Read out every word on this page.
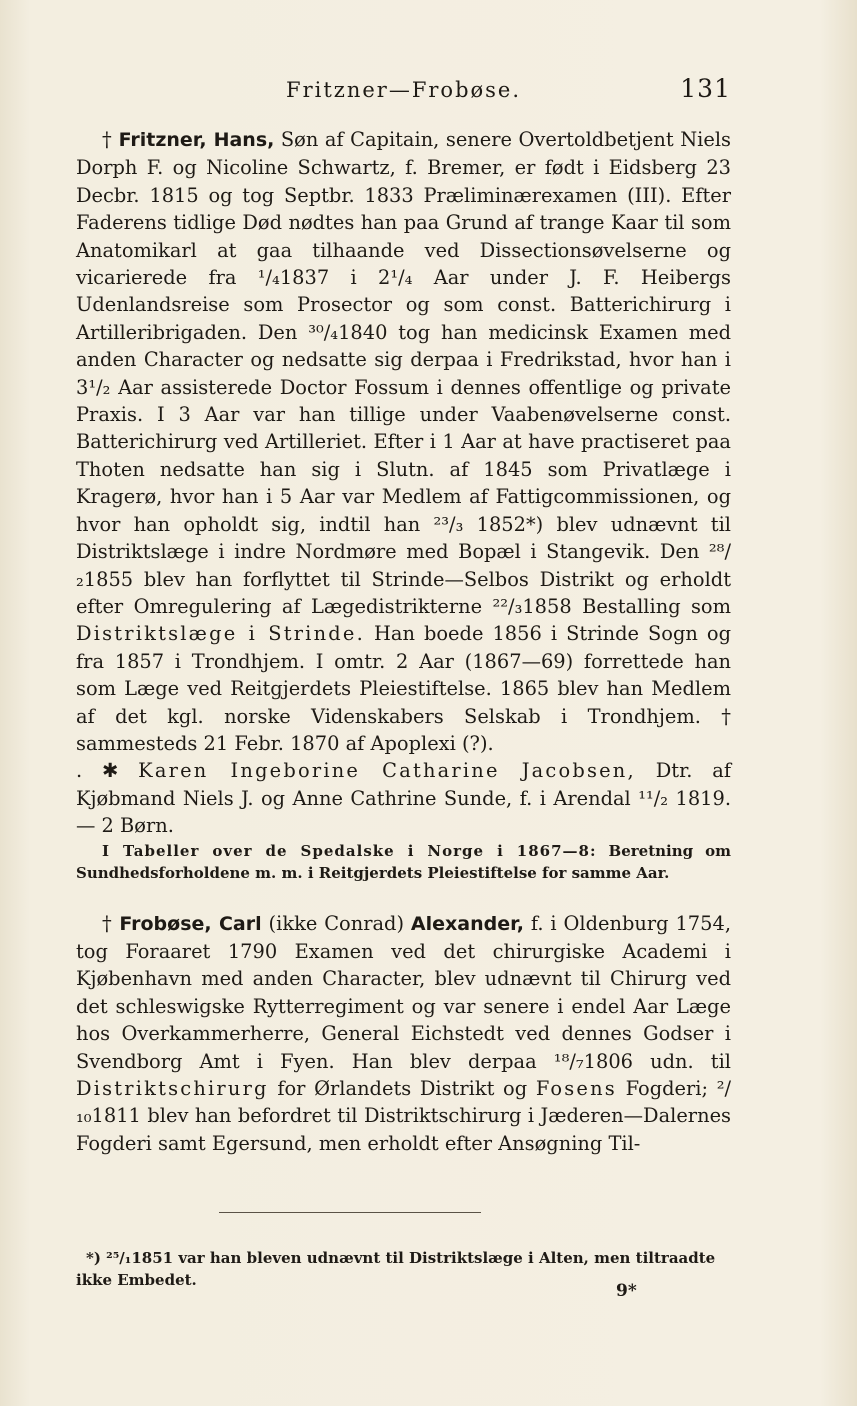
Fritzner—Frobøse.	131

† Fritzner, Hans, Søn af Capitain, senere Overtoldbetjent Niels Dorph F. og Nicoline Schwartz, f. Bremer, er født i Eidsberg 23 Decbr. 1815 og tog Septbr. 1833 Præliminærexamen (III). Efter Faderens tidlige Død nødtes han paa Grund af trange Kaar til som Anatomikarl at gaa tilhaande ved Dissectionsøvelserne og vicarierede fra ¹/₄1837 i 2¹/₄ Aar under J. F. Heibergs Udenlandsreise som Prosector og som const. Batterichirurg i Artilleribrigaden. Den ³⁰/₄1840 tog han medicinsk Examen med anden Character og nedsatte sig derpaa i Fredrikstad, hvor han i 3¹/₂ Aar assisterede Doctor Fossum i dennes offentlige og private Praxis. I 3 Aar var han tillige under Vaabenøvelserne const. Batterichirurg ved Artilleriet. Efter i 1 Aar at have practiseret paa Thoten nedsatte han sig i Slutn. af 1845 som Privatlæge i Kragerø, hvor han i 5 Aar var Medlem af Fattigcommissionen, og hvor han opholdt sig, indtil han ²³/₃ 1852*) blev udnævnt til Distriktslæge i indre Nordmøre med Bopæl i Stangevik. Den ²⁸/₂1855 blev han forflyttet til Strinde—Selbos Distrikt og erholdt efter Omregulering af Lægedistrikterne ²²/₃1858 Bestalling som Distriktslæge i Strinde. Han boede 1856 i Strinde Sogn og fra 1857 i Trondhjem. I omtr. 2 Aar (1867—69) forrettede han som Læge ved Reitgjerdets Pleiestiftelse. 1865 blev han Medlem af det kgl. norske Videnskabers Selskab i Trondhjem. † sammesteds 21 Febr. 1870 af Apoplexi (?).

. ✱ Karen Ingeborine Catharine Jacobsen, Dtr. af Kjøbmand Niels J. og Anne Cathrine Sunde, f. i Arendal ¹¹/₂ 1819. — 2 Børn.

I Tabeller over de Spedalske i Norge i 1867—8: Beretning om Sundhedsforholdene m. m. i Reitgjerdets Pleiestiftelse for samme Aar.

† Frobøse, Carl (ikke Conrad) Alexander, f. i Oldenburg 1754, tog Foraaret 1790 Examen ved det chirurgiske Academi i Kjøbenhavn med anden Character, blev udnævnt til Chirurg ved det schleswigske Rytterregiment og var senere i endel Aar Læge hos Overkammerherre, General Eichstedt ved dennes Godser i Svendborg Amt i Fyen. Han blev derpaa ¹⁸/₇1806 udn. til Distriktschirurg for Ørlandets Distrikt og Fosens Fogderi; ²/₁₀1811 blev han befordret til Distriktschirurg i Jæderen—Dalernes Fogderi samt Egersund, men erholdt efter Ansøgning Til-

*) ²⁵/₁1851 var han bleven udnævnt til Distriktslæge i Alten, men tiltraadte ikke Embedet.

9*
